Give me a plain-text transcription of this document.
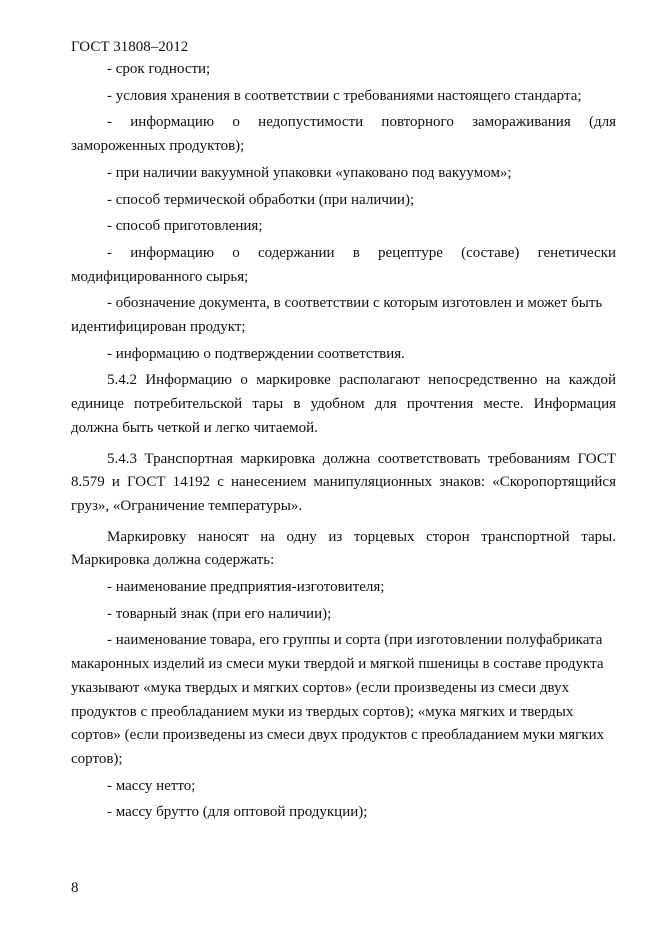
ГОСТ 31808–2012

- срок годности;

- условия хранения в соответствии с требованиями настоящего стандарта;

- информацию о недопустимости повторного замораживания (для замороженных продуктов);

- при наличии вакуумной упаковки «упаковано под вакуумом»;

- способ термической обработки (при наличии);

- способ приготовления;

- информацию о содержании в рецептуре (составе) генетически модифицированного сырья;

- обозначение документа, в соответствии с которым изготовлен и может быть идентифицирован продукт;

- информацию о подтверждении соответствия.

5.4.2 Информацию о маркировке располагают непосредственно на каждой единице потребительской тары в удобном для прочтения месте. Информация должна быть четкой и легко читаемой.

5.4.3 Транспортная маркировка должна соответствовать требованиям ГОСТ 8.579 и ГОСТ 14192 с нанесением манипуляционных знаков: «Скоропортящийся груз», «Ограничение температуры».

Маркировку наносят на одну из торцевых сторон транспортной тары. Маркировка должна содержать:

- наименование предприятия-изготовителя;

- товарный знак (при его наличии);

- наименование товара, его группы и сорта (при изготовлении полуфабриката макаронных изделий из смеси муки твердой и мягкой пшеницы в составе продукта указывают «мука твердых и мягких сортов» (если произведены из смеси двух продуктов с преобладанием муки из твердых сортов); «мука мягких и твердых сортов» (если произведены из смеси двух продуктов с преобладанием муки мягких сортов);

- массу нетто;

- массу брутто (для оптовой продукции);

8
